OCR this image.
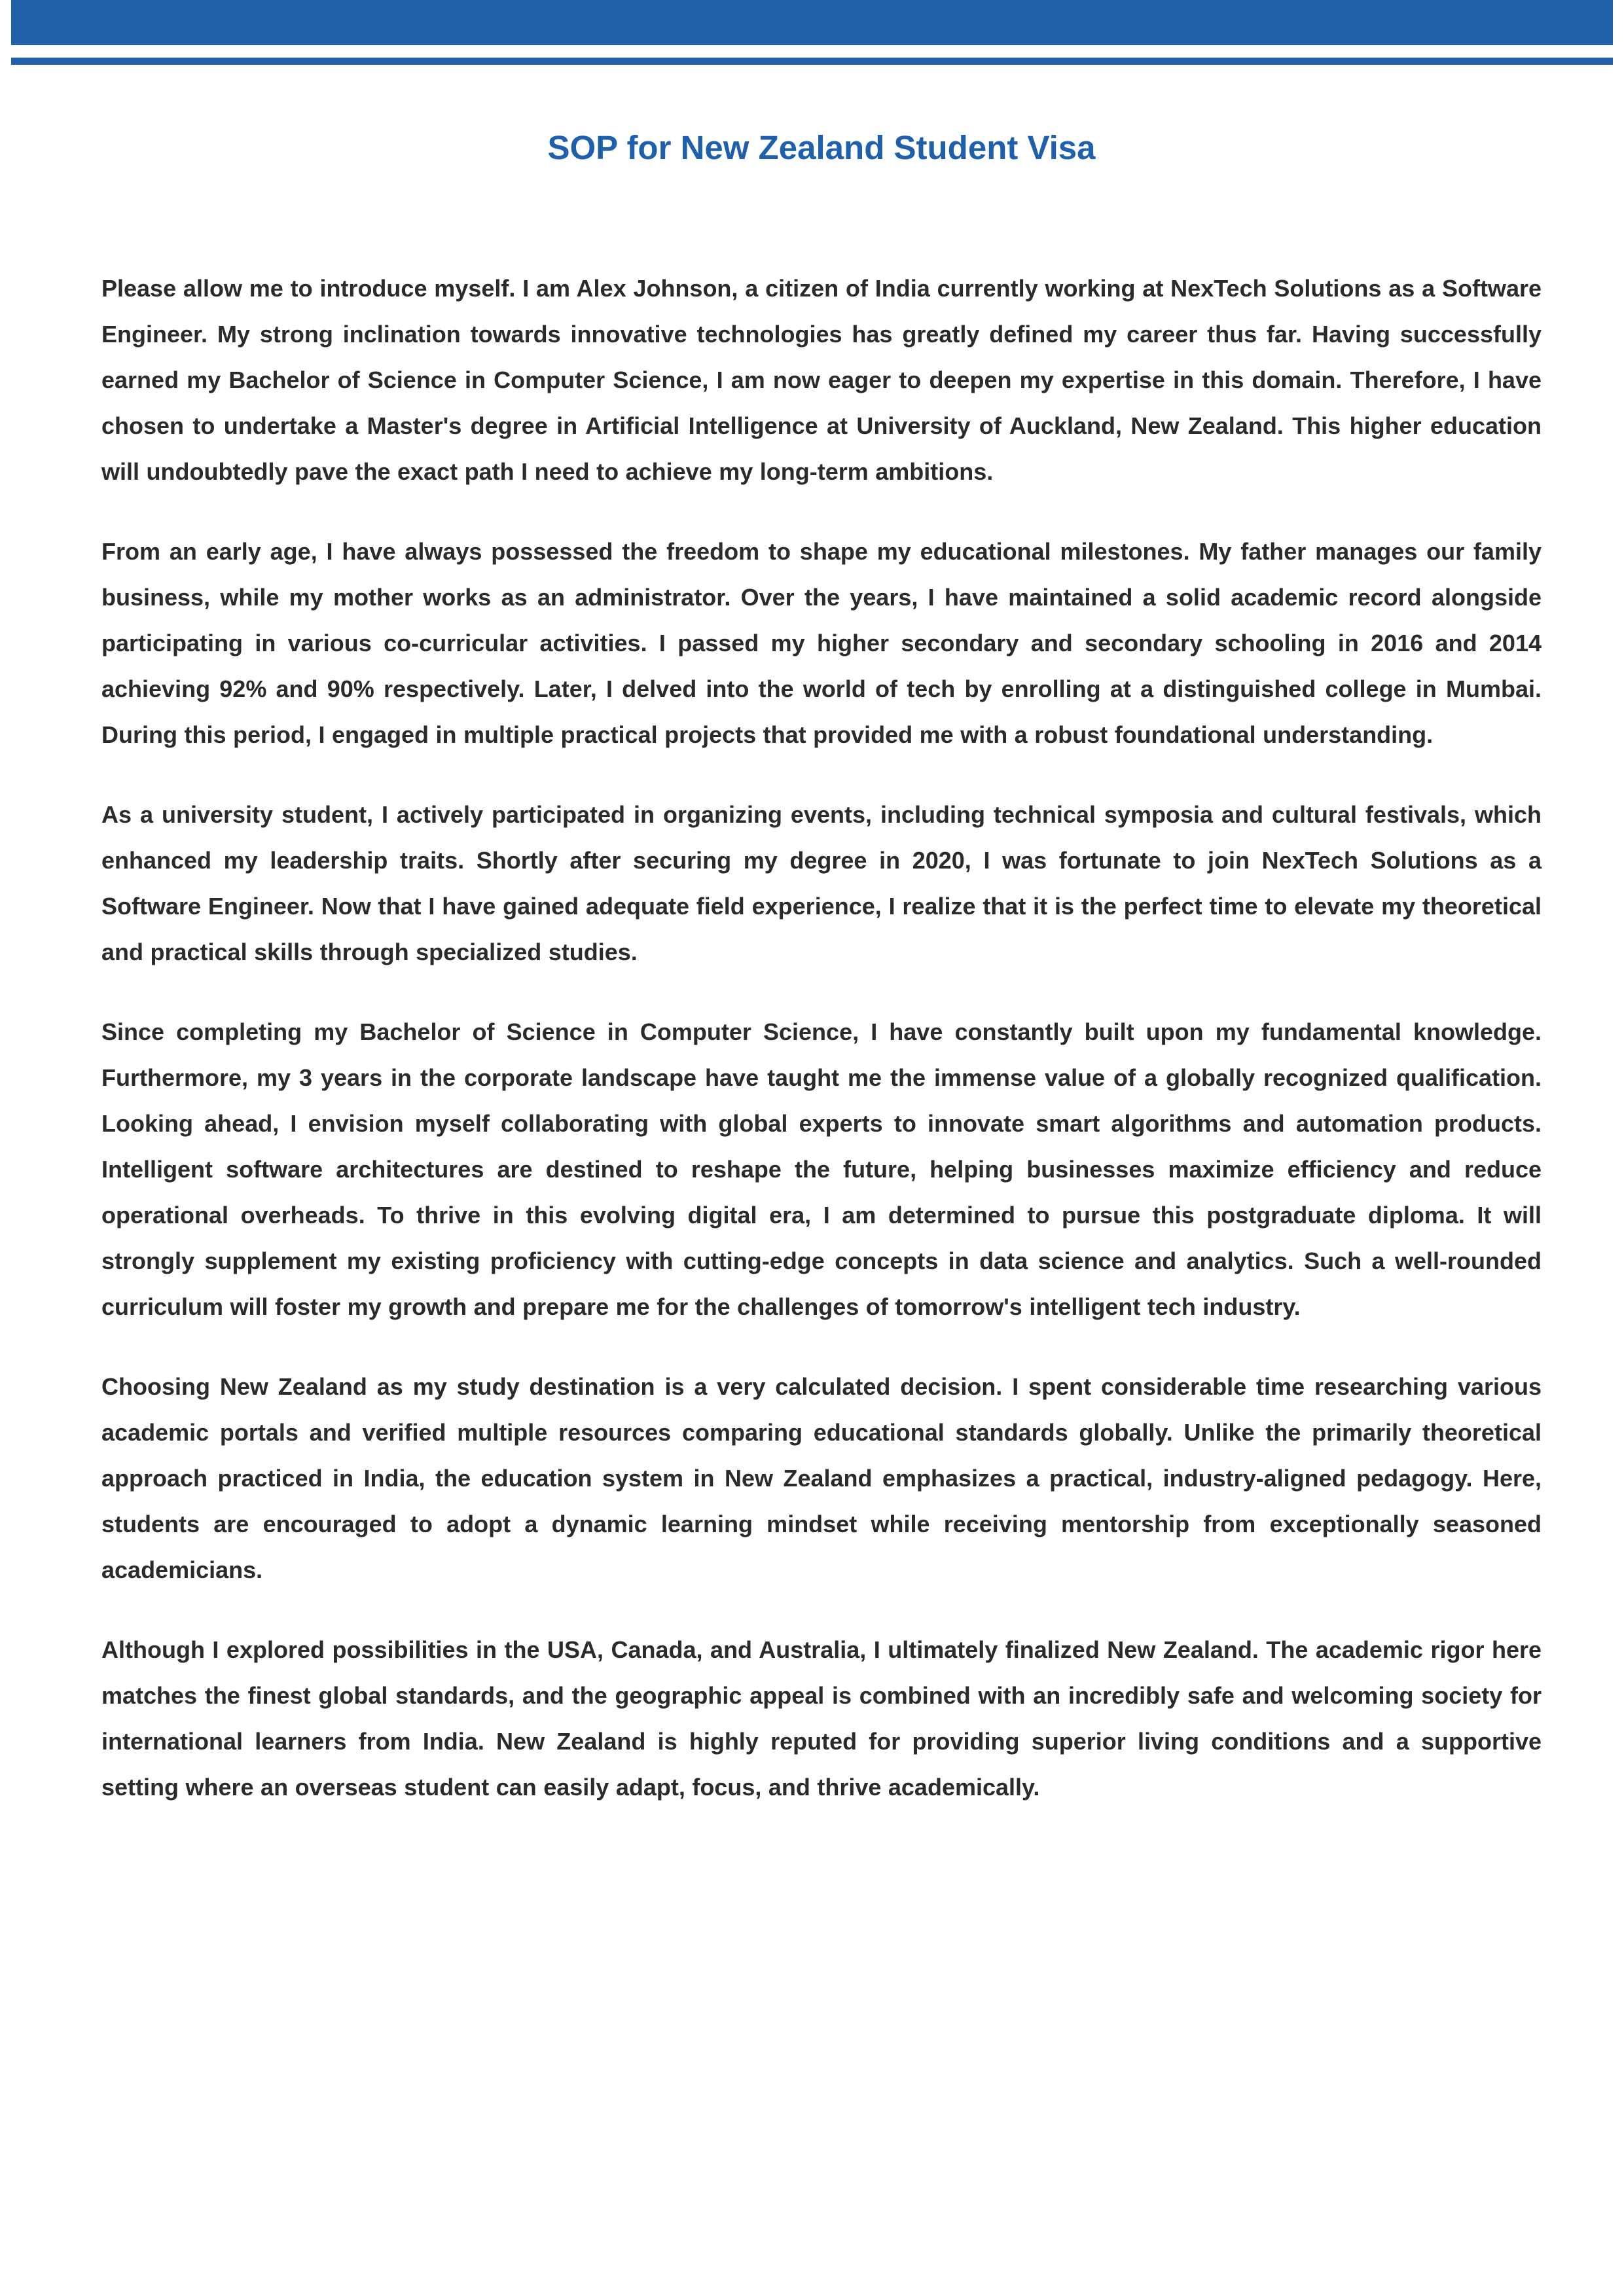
SOP for New Zealand Student Visa

Please allow me to introduce myself. I am Alex Johnson, a citizen of India currently working at NexTech Solutions as a Software Engineer. My strong inclination towards innovative technologies has greatly defined my career thus far. Having successfully earned my Bachelor of Science in Computer Science, I am now eager to deepen my expertise in this domain. Therefore, I have chosen to undertake a Master's degree in Artificial Intelligence at University of Auckland, New Zealand. This higher education will undoubtedly pave the exact path I need to achieve my long-term ambitions.

From an early age, I have always possessed the freedom to shape my educational milestones. My father manages our family business, while my mother works as an administrator. Over the years, I have maintained a solid academic record alongside participating in various co-curricular activities. I passed my higher secondary and secondary schooling in 2016 and 2014 achieving 92% and 90% respectively. Later, I delved into the world of tech by enrolling at a distinguished college in Mumbai. During this period, I engaged in multiple practical projects that provided me with a robust foundational understanding.

As a university student, I actively participated in organizing events, including technical symposia and cultural festivals, which enhanced my leadership traits. Shortly after securing my degree in 2020, I was fortunate to join NexTech Solutions as a Software Engineer. Now that I have gained adequate field experience, I realize that it is the perfect time to elevate my theoretical and practical skills through specialized studies.

Since completing my Bachelor of Science in Computer Science, I have constantly built upon my fundamental knowledge. Furthermore, my 3 years in the corporate landscape have taught me the immense value of a globally recognized qualification. Looking ahead, I envision myself collaborating with global experts to innovate smart algorithms and automation products. Intelligent software architectures are destined to reshape the future, helping businesses maximize efficiency and reduce operational overheads. To thrive in this evolving digital era, I am determined to pursue this postgraduate diploma. It will strongly supplement my existing proficiency with cutting-edge concepts in data science and analytics. Such a well-rounded curriculum will foster my growth and prepare me for the challenges of tomorrow's intelligent tech industry.

Choosing New Zealand as my study destination is a very calculated decision. I spent considerable time researching various academic portals and verified multiple resources comparing educational standards globally. Unlike the primarily theoretical approach practiced in India, the education system in New Zealand emphasizes a practical, industry-aligned pedagogy. Here, students are encouraged to adopt a dynamic learning mindset while receiving mentorship from exceptionally seasoned academicians.

Although I explored possibilities in the USA, Canada, and Australia, I ultimately finalized New Zealand. The academic rigor here matches the finest global standards, and the geographic appeal is combined with an incredibly safe and welcoming society for international learners from India. New Zealand is highly reputed for providing superior living conditions and a supportive setting where an overseas student can easily adapt, focus, and thrive academically.
